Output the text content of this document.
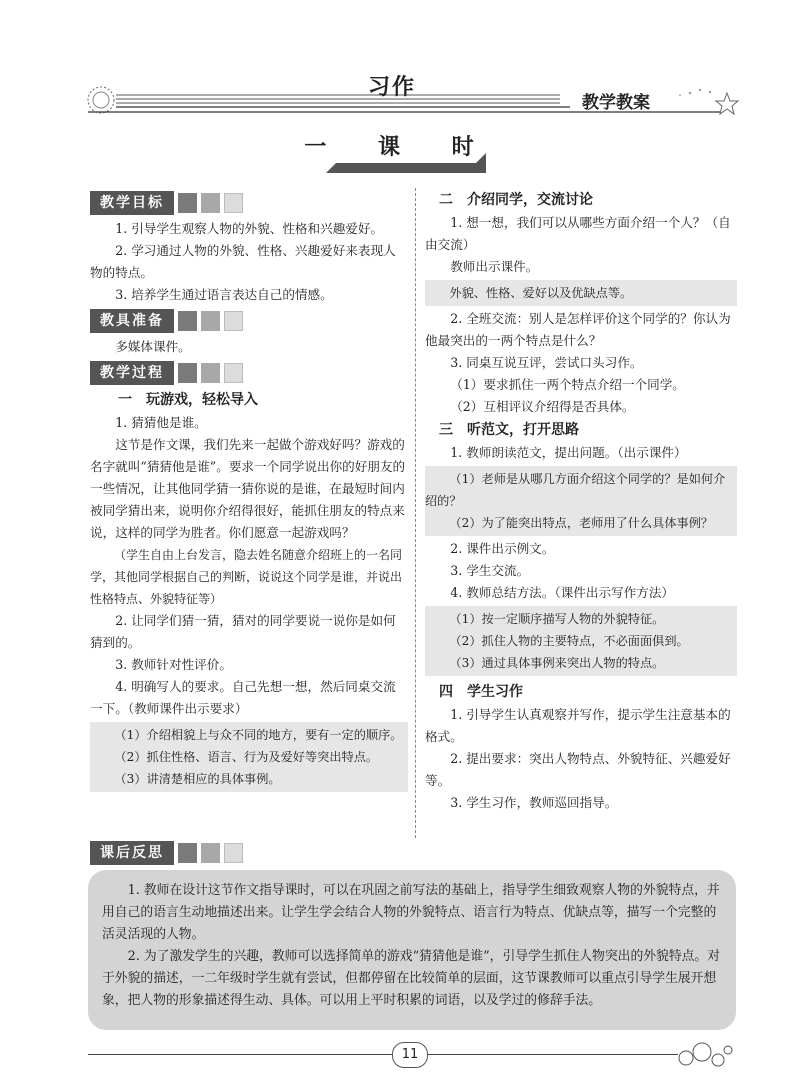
习作
教学教案
一 课 时
教学目标

1. 引导学生观察人物的外貌、性格和兴趣爱好。

2. 学习通过人物的外貌、性格、兴趣爱好来表现人物的特点。

3. 培养学生通过语言表达自己的情感。

教具准备

多媒体课件。

教学过程

一　玩游戏，轻松导入

1. 猜猜他是谁。

这节是作文课，我们先来一起做个游戏好吗？游戏的名字就叫“猜猜他是谁”。要求一个同学说出你的好朋友的一些情况，让其他同学猜一猜你说的是谁，在最短时间内被同学猜出来，说明你介绍得很好，能抓住朋友的特点来说，这样的同学为胜者。你们愿意一起游戏吗？

（学生自由上台发言，隐去姓名随意介绍班上的一名同学，其他同学根据自己的判断，说说这个同学是谁，并说出性格特点、外貌特征等）

2. 让同学们猜一猜，猜对的同学要说一说你是如何猜到的。

3. 教师针对性评价。

4. 明确写人的要求。自己先想一想，然后同桌交流一下。（教师课件出示要求）

（1）介绍相貌上与众不同的地方，要有一定的顺序。

（2）抓住性格、语言、行为及爱好等突出特点。

（3）讲清楚相应的具体事例。

二　介绍同学，交流讨论

1. 想一想，我们可以从哪些方面介绍一个人？（自由交流）

教师出示课件。

外貌、性格、爱好以及优缺点等。

2. 全班交流：别人是怎样评价这个同学的？你认为他最突出的一两个特点是什么？

3. 同桌互说互评，尝试口头习作。

（1）要求抓住一两个特点介绍一个同学。

（2）互相评议介绍得是否具体。

三　听范文，打开思路

1. 教师朗读范文，提出问题。（出示课件）

（1）老师是从哪几方面介绍这个同学的？是如何介绍的？

（2）为了能突出特点，老师用了什么具体事例？

2. 课件出示例文。

3. 学生交流。

4. 教师总结方法。（课件出示写作方法）

（1）按一定顺序描写人物的外貌特征。

（2）抓住人物的主要特点，不必面面俱到。

（3）通过具体事例来突出人物的特点。

四　学生习作

1. 引导学生认真观察并写作，提示学生注意基本的格式。

2. 提出要求：突出人物特点、外貌特征、兴趣爱好等。

3. 学生习作，教师巡回指导。

课后反思

1. 教师在设计这节作文指导课时，可以在巩固之前写法的基础上，指导学生细致观察人物的外貌特点，并用自己的语言生动地描述出来。让学生学会结合人物的外貌特点、语言行为特点、优缺点等，描写一个完整的活灵活现的人物。

2. 为了激发学生的兴趣，教师可以选择简单的游戏“猜猜他是谁”，引导学生抓住人物突出的外貌特点。对于外貌的描述，一二年级时学生就有尝试，但都停留在比较简单的层面，这节课教师可以重点引导学生展开想象，把人物的形象描述得生动、具体。可以用上平时积累的词语，以及学过的修辞手法。

11
